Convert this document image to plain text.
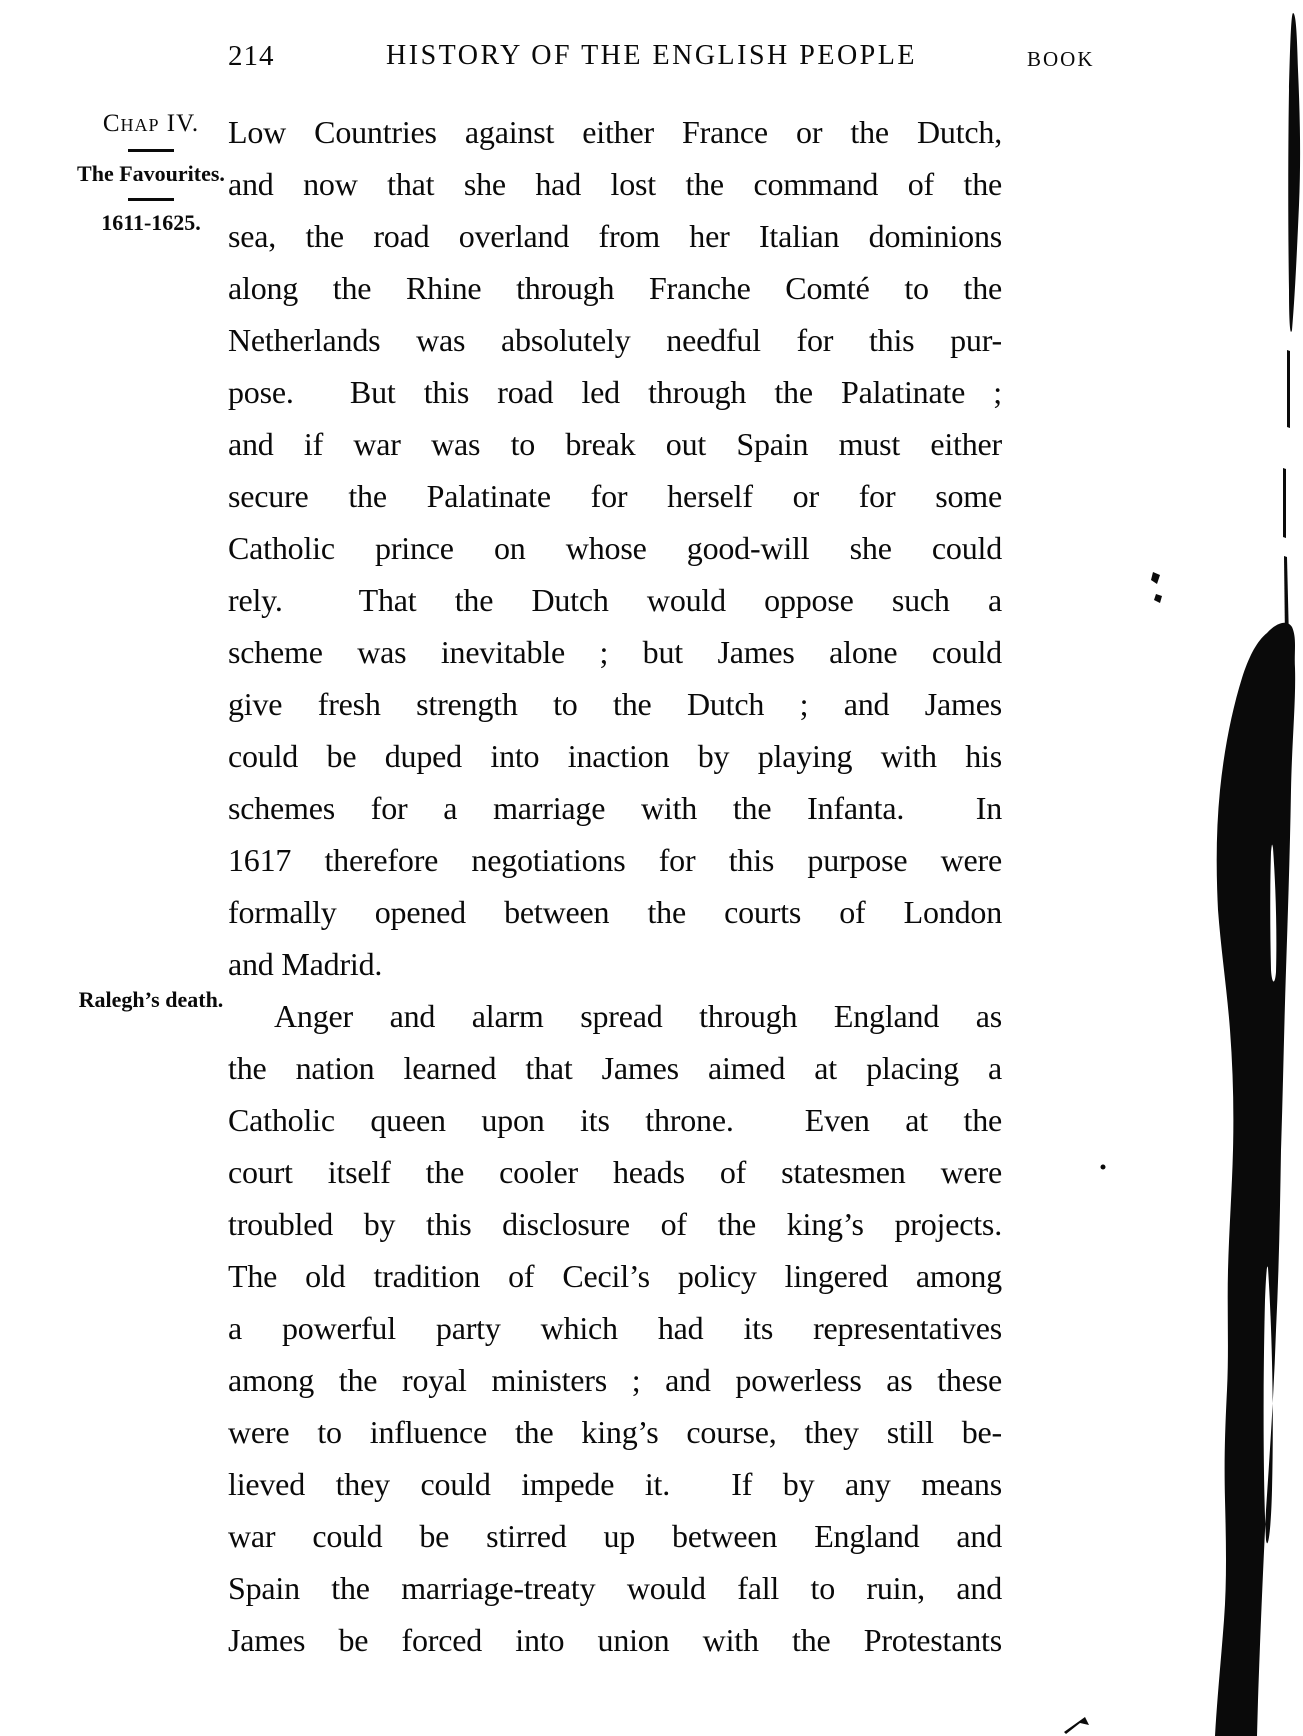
214	HISTORY OF THE ENGLISH PEOPLE	BOOK
Chap IV.
The Favourites.
1611-1625.
Ralegh’s death.
Low Countries against either France or the Dutch,
and now that she had lost the command of the
sea, the road overland from her Italian dominions
along the Rhine through Franche Comté to the
Netherlands was absolutely needful for this pur-
pose.  But this road led through the Palatinate ;
and if war was to break out Spain must either
secure the Palatinate for herself or for some
Catholic prince on whose good-will she could
rely.  That the Dutch would oppose such a
scheme was inevitable ; but James alone could
give fresh strength to the Dutch ; and James
could be duped into inaction by playing with his
schemes for a marriage with the Infanta.  In
1617 therefore negotiations for this purpose were
formally opened between the courts of London
and Madrid.
Anger and alarm spread through England as
the nation learned that James aimed at placing a
Catholic queen upon its throne.  Even at the
court itself the cooler heads of statesmen were
troubled by this disclosure of the king’s projects.
The old tradition of Cecil’s policy lingered among
a powerful party which had its representatives
among the royal ministers ; and powerless as these
were to influence the king’s course, they still be-
lieved they could impede it.  If by any means
war could be stirred up between England and
Spain the marriage-treaty would fall to ruin, and
James be forced into union with the Protestants
